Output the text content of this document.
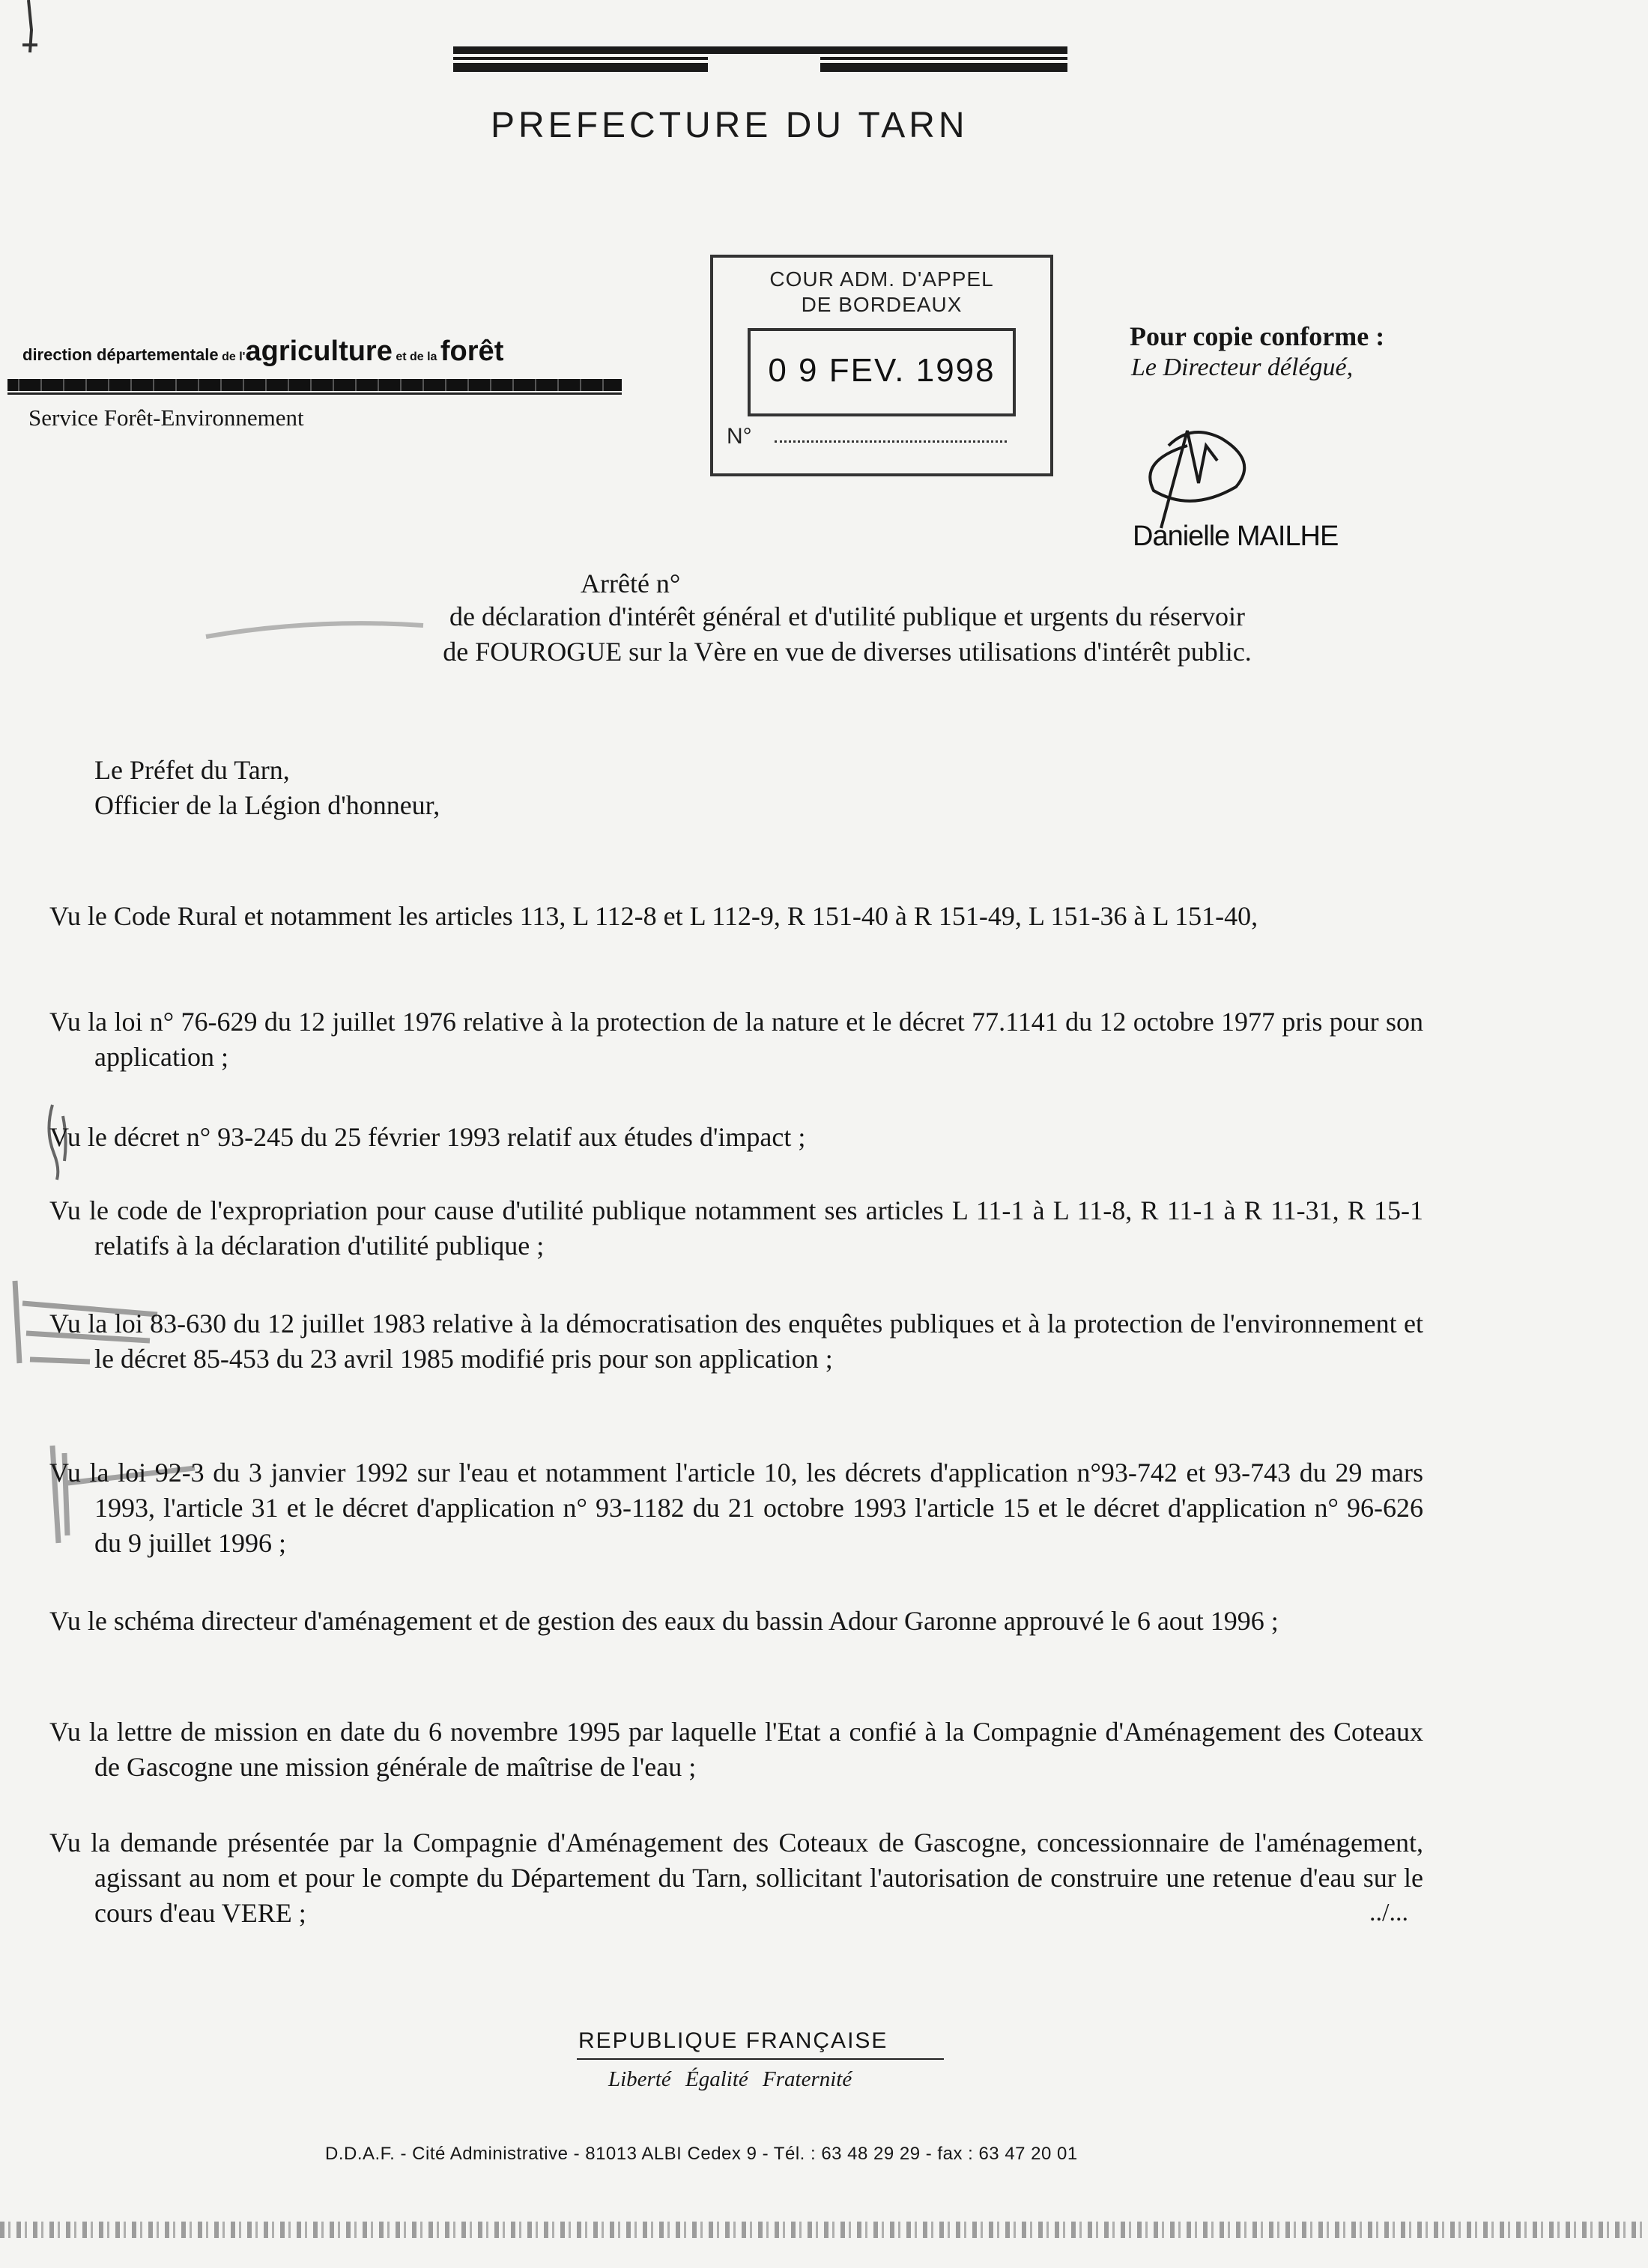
PREFECTURE DU TARN
direction départementale de l'agriculture et de la forêt
Service Forêt-Environnement
COUR ADM. D'APPEL
DE BORDEAUX
0 9 FEV. 1998
N°
Pour copie conforme :
Le Directeur délégué,
Danielle MAILHE
Arrêté n°
de déclaration d'intérêt général et d'utilité publique et urgents du réservoir
de FOUROGUE sur la Vère en vue de diverses utilisations d'intérêt public.
Le Préfet du Tarn,
Officier de la Légion d'honneur,
Vu le Code Rural et notamment les articles 113, L 112-8 et L 112-9, R 151-40 à R 151-49, L 151-36 à L 151-40,
Vu la loi n° 76-629 du 12 juillet 1976 relative à la protection de la nature et le décret 77.1141 du 12 octobre 1977 pris pour son application ;
Vu le décret n° 93-245 du 25 février 1993 relatif aux études d'impact ;
Vu le code de l'expropriation pour cause d'utilité publique notamment ses articles L 11-1 à L 11-8, R 11-1 à R 11-31, R 15-1 relatifs à la déclaration d'utilité publique ;
Vu la loi 83-630 du 12 juillet 1983 relative à la démocratisation des enquêtes publiques et à la protection de l'environnement et le décret 85-453 du 23 avril 1985 modifié pris pour son application ;
Vu la loi 92-3 du 3 janvier 1992 sur l'eau et notamment l'article 10, les décrets d'application n°93-742 et 93-743 du 29 mars 1993, l'article 31 et le décret d'application n° 93-1182 du 21 octobre 1993 l'article 15 et le décret d'application n° 96-626 du 9 juillet 1996 ;
Vu le schéma directeur d'aménagement et de gestion des eaux du bassin Adour Garonne approuvé le 6 aout 1996 ;
Vu la lettre de mission en date du 6 novembre 1995 par laquelle l'Etat a confié à la Compagnie d'Aménagement des Coteaux de Gascogne une mission générale de maîtrise de l'eau ;
Vu la demande présentée par la Compagnie d'Aménagement des Coteaux de Gascogne, concessionnaire de l'aménagement, agissant au nom et pour le compte du Département du Tarn, sollicitant l'autorisation de construire une retenue d'eau sur le cours d'eau VERE ;	../...
REPUBLIQUE FRANÇAISE
Liberté Égalité Fraternité
D.D.A.F. - Cité Administrative - 81013 ALBI Cedex 9 - Tél. : 63 48 29 29 - fax : 63 47 20 01
